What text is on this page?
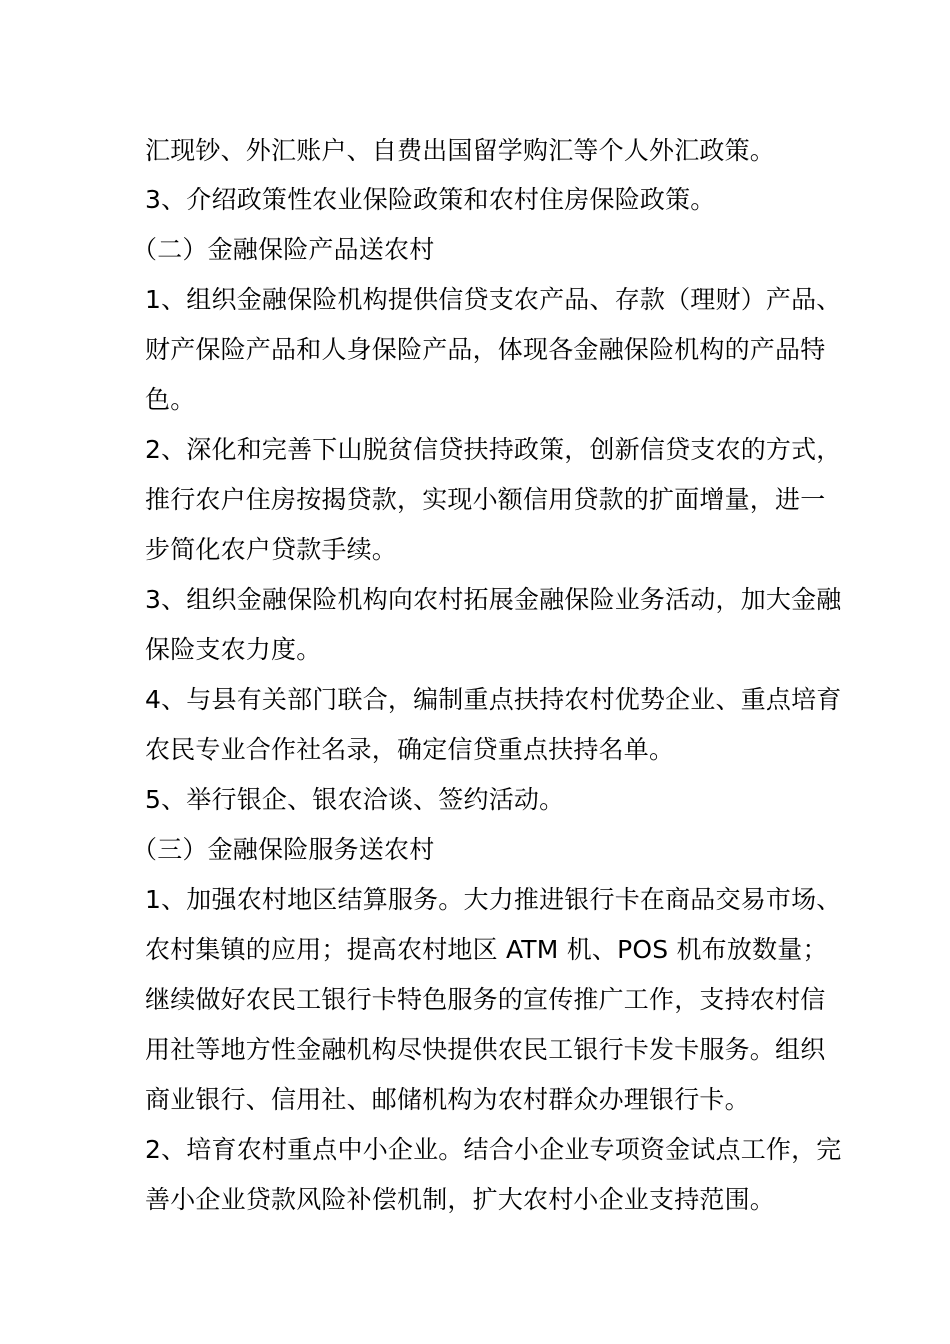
汇现钞、外汇账户、自费出国留学购汇等个人外汇政策。
3、介绍政策性农业保险政策和农村住房保险政策。
（二）金融保险产品送农村
1、组织金融保险机构提供信贷支农产品、存款（理财）产品、
财产保险产品和人身保险产品，体现各金融保险机构的产品特
色。
2、深化和完善下山脱贫信贷扶持政策，创新信贷支农的方式，
推行农户住房按揭贷款，实现小额信用贷款的扩面增量，进一
步简化农户贷款手续。
3、组织金融保险机构向农村拓展金融保险业务活动，加大金融
保险支农力度。
4、与县有关部门联合，编制重点扶持农村优势企业、重点培育
农民专业合作社名录，确定信贷重点扶持名单。
5、举行银企、银农洽谈、签约活动。
（三）金融保险服务送农村
1、加强农村地区结算服务。大力推进银行卡在商品交易市场、
农村集镇的应用；提高农村地区 ATM 机、POS 机布放数量；
继续做好农民工银行卡特色服务的宣传推广工作，支持农村信
用社等地方性金融机构尽快提供农民工银行卡发卡服务。组织
商业银行、信用社、邮储机构为农村群众办理银行卡。
2、培育农村重点中小企业。结合小企业专项资金试点工作，完
善小企业贷款风险补偿机制，扩大农村小企业支持范围。
